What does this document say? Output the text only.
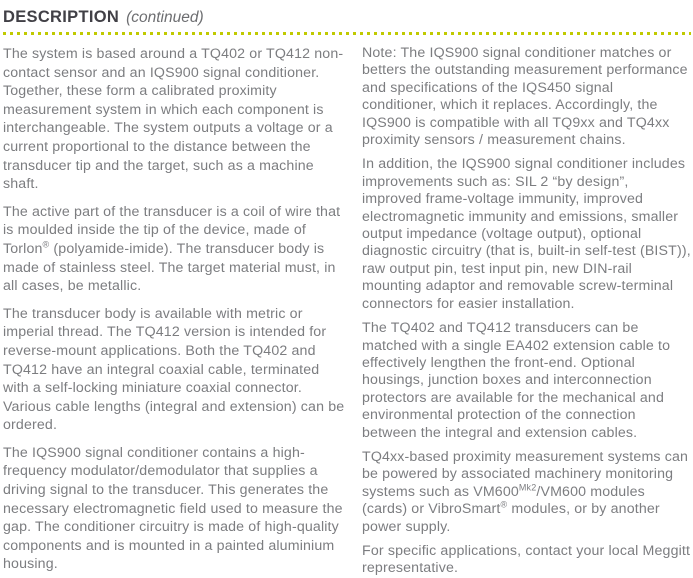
DESCRIPTION (continued)

The system is based around a TQ402 or TQ412 non-contact sensor and an IQS900 signal conditioner. Together, these form a calibrated proximity measurement system in which each component is interchangeable. The system outputs a voltage or a current proportional to the distance between the transducer tip and the target, such as a machine shaft.

The active part of the transducer is a coil of wire that is moulded inside the tip of the device, made of Torlon® (polyamide-imide). The transducer body is made of stainless steel. The target material must, in all cases, be metallic.

The transducer body is available with metric or imperial thread. The TQ412 version is intended for reverse-mount applications. Both the TQ402 and TQ412 have an integral coaxial cable, terminated with a self-locking miniature coaxial connector. Various cable lengths (integral and extension) can be ordered.

The IQS900 signal conditioner contains a high-frequency modulator/demodulator that supplies a driving signal to the transducer. This generates the necessary electromagnetic field used to measure the gap. The conditioner circuitry is made of high-quality components and is mounted in a painted aluminium housing.

Note: The IQS900 signal conditioner matches or betters the outstanding measurement performance and specifications of the IQS450 signal conditioner, which it replaces. Accordingly, the IQS900 is compatible with all TQ9xx and TQ4xx proximity sensors / measurement chains.

In addition, the IQS900 signal conditioner includes improvements such as: SIL 2 “by design”, improved frame-voltage immunity, improved electromagnetic immunity and emissions, smaller output impedance (voltage output), optional diagnostic circuitry (that is, built-in self-test (BIST)), raw output pin, test input pin, new DIN-rail mounting adaptor and removable screw-terminal connectors for easier installation.

The TQ402 and TQ412 transducers can be matched with a single EA402 extension cable to effectively lengthen the front-end. Optional housings, junction boxes and interconnection protectors are available for the mechanical and environmental protection of the connection between the integral and extension cables.

TQ4xx-based proximity measurement systems can be powered by associated machinery monitoring systems such as $VM600^{Mk2}/VM600$ modules (cards) or VibroSmart® modules, or by another power supply.

For specific applications, contact your local Meggitt representative.
